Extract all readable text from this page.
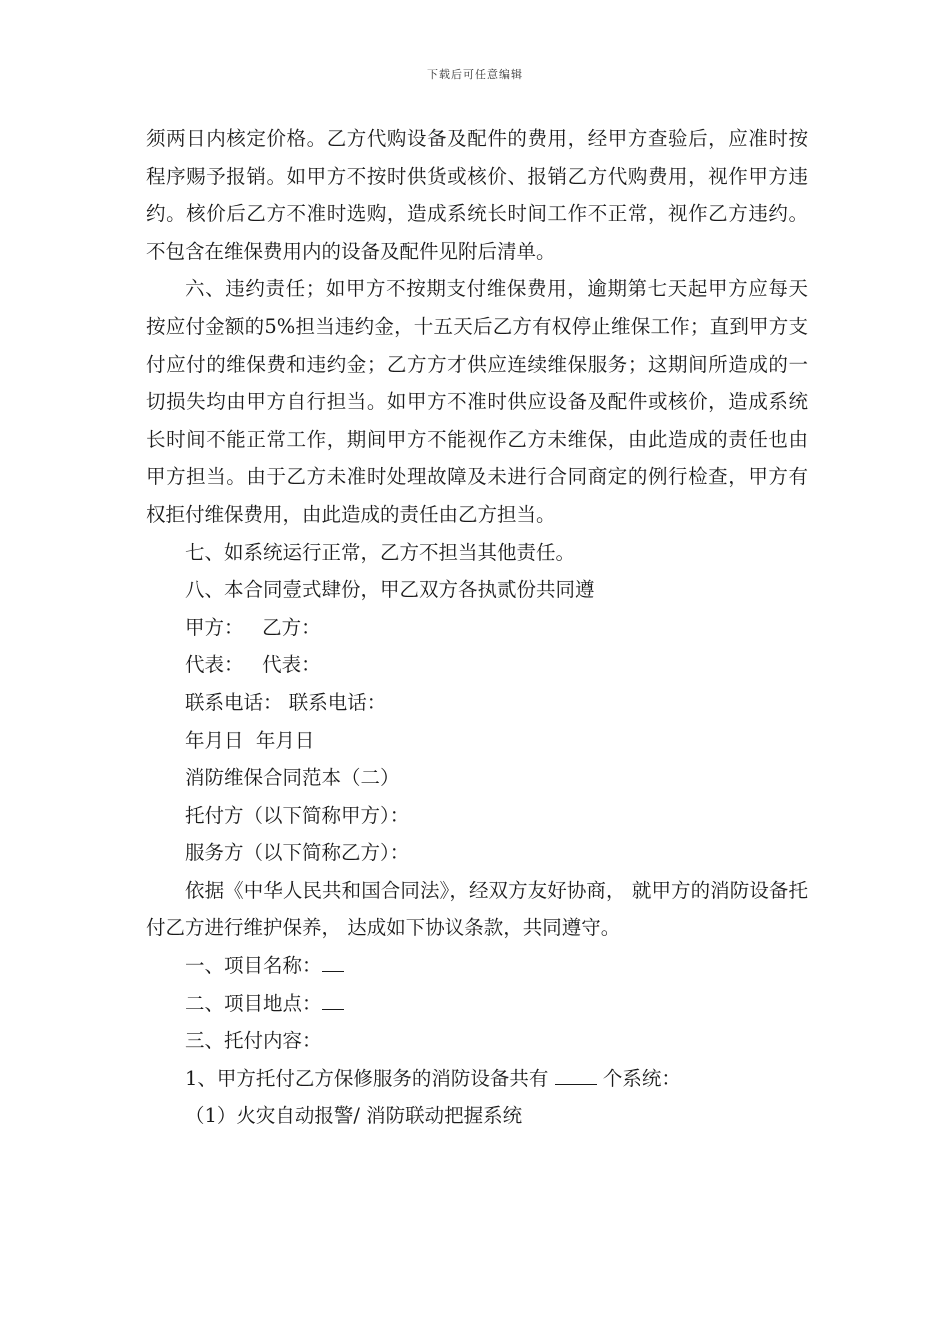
下载后可任意编辑

须两日内核定价格。乙方代购设备及配件的费用，经甲方查验后，应准时按程序赐予报销。如甲方不按时供货或核价、报销乙方代购费用，视作甲方违约。核价后乙方不准时选购，造成系统长时间工作不正常，视作乙方违约。不包含在维保费用内的设备及配件见附后清单。

六、违约责任；如甲方不按期支付维保费用，逾期第七天起甲方应每天按应付金额的5%担当违约金，十五天后乙方有权停止维保工作；直到甲方支付应付的维保费和违约金；乙方方才供应连续维保服务；这期间所造成的一切损失均由甲方自行担当。如甲方不准时供应设备及配件或核价，造成系统长时间不能正常工作，期间甲方不能视作乙方未维保，由此造成的责任也由甲方担当。由于乙方未准时处理故障及未进行合同商定的例行检查，甲方有权拒付维保费用，由此造成的责任由乙方担当。

七、如系统运行正常，乙方不担当其他责任。

八、本合同壹式肆份，甲乙双方各执贰份共同遵

甲方：   乙方：

代表：   代表：

联系电话： 联系电话：

年月日  年月日

消防维保合同范本（二）

托付方（以下简称甲方）：

服务方（以下简称乙方）：

依据《中华人民共和国合同法》，经双方友好协商， 就甲方的消防设备托付乙方进行维护保养， 达成如下协议条款，共同遵守。

一、项目名称：

二、项目地点：

三、托付内容：

1、甲方托付乙方保修服务的消防设备共有	个系统：

（1）火灾自动报警/ 消防联动把握系统
